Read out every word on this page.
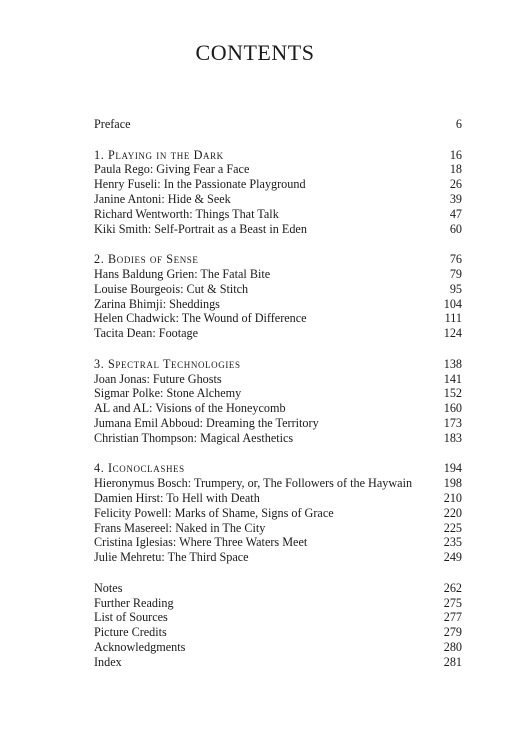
CONTENTS
Preface	6
1. Playing in the Dark	16
Paula Rego: Giving Fear a Face	18
Henry Fuseli: In the Passionate Playground	26
Janine Antoni: Hide & Seek	39
Richard Wentworth: Things That Talk	47
Kiki Smith: Self-Portrait as a Beast in Eden	60
2. Bodies of Sense	76
Hans Baldung Grien: The Fatal Bite	79
Louise Bourgeois: Cut & Stitch	95
Zarina Bhimji: Sheddings	104
Helen Chadwick: The Wound of Difference	111
Tacita Dean: Footage	124
3. Spectral Technologies	138
Joan Jonas: Future Ghosts	141
Sigmar Polke: Stone Alchemy	152
AL and AL: Visions of the Honeycomb	160
Jumana Emil Abboud: Dreaming the Territory	173
Christian Thompson: Magical Aesthetics	183
4. Iconoclashes	194
Hieronymus Bosch: Trumpery, or, The Followers of the Haywain	198
Damien Hirst: To Hell with Death	210
Felicity Powell: Marks of Shame, Signs of Grace	220
Frans Masereel: Naked in The City	225
Cristina Iglesias: Where Three Waters Meet	235
Julie Mehretu: The Third Space	249
Notes	262
Further Reading	275
List of Sources	277
Picture Credits	279
Acknowledgments	280
Index	281
